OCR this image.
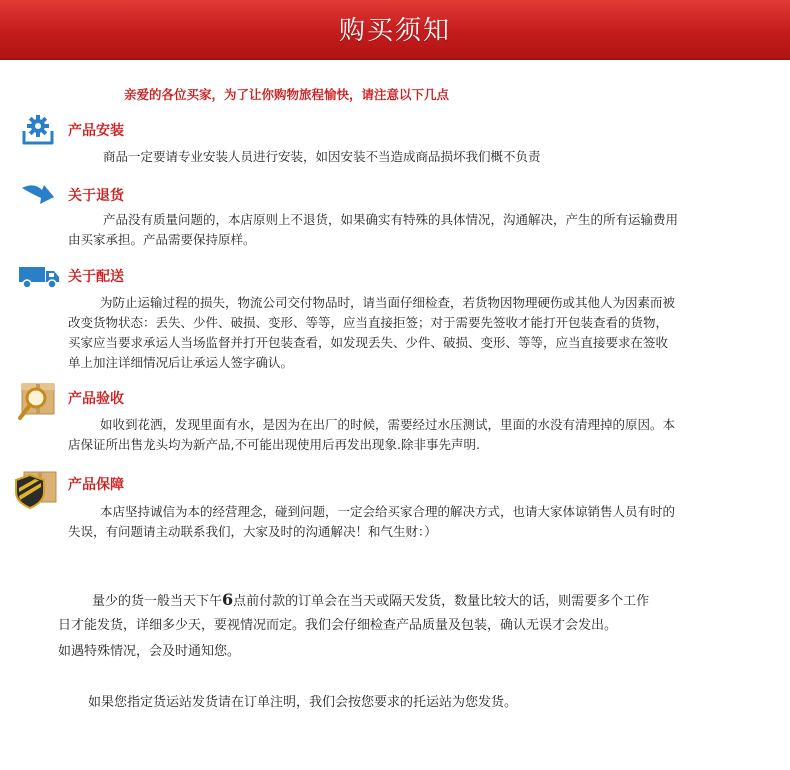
购买须知
亲爱的各位买家，为了让你购物旅程愉快，请注意以下几点
产品安装
商品一定要请专业安装人员进行安装，如因安装不当造成商品损坏我们概不负责
关于退货
产品没有质量问题的，本店原则上不退货，如果确实有特殊的具体情况，沟通解决，产生的所有运输费用
由买家承担。产品需要保持原样。
关于配送
为防止运输过程的损失，物流公司交付物品时，请当面仔细检查，若货物因物理硬伤或其他人为因素而被
改变货物状态：丢失、少件、破损、变形、等等，应当直接拒签；对于需要先签收才能打开包装查看的货物，
买家应当要求承运人当场监督并打开包装查看，如发现丢失、少件、破损、变形、等等，应当直接要求在签收
单上加注详细情况后让承运人签字确认。
产品验收
如收到花洒，发现里面有水，是因为在出厂的时候，需要经过水压测试，里面的水没有清理掉的原因。本
店保证所出售龙头均为新产品,不可能出现使用后再发出现象.除非事先声明.
产品保障
本店坚持诚信为本的经营理念，碰到问题，一定会给买家合理的解决方式，也请大家体谅销售人员有时的
失误，有问题请主动联系我们，大家及时的沟通解决！和气生财：）
量少的货一般当天下午6点前付款的订单会在当天或隔天发货，数量比较大的话，则需要多个工作
日才能发货，详细多少天，要视情况而定。我们会仔细检查产品质量及包装，确认无误才会发出。
如遇特殊情况，会及时通知您。
如果您指定货运站发货请在订单注明，我们会按您要求的托运站为您发货。
